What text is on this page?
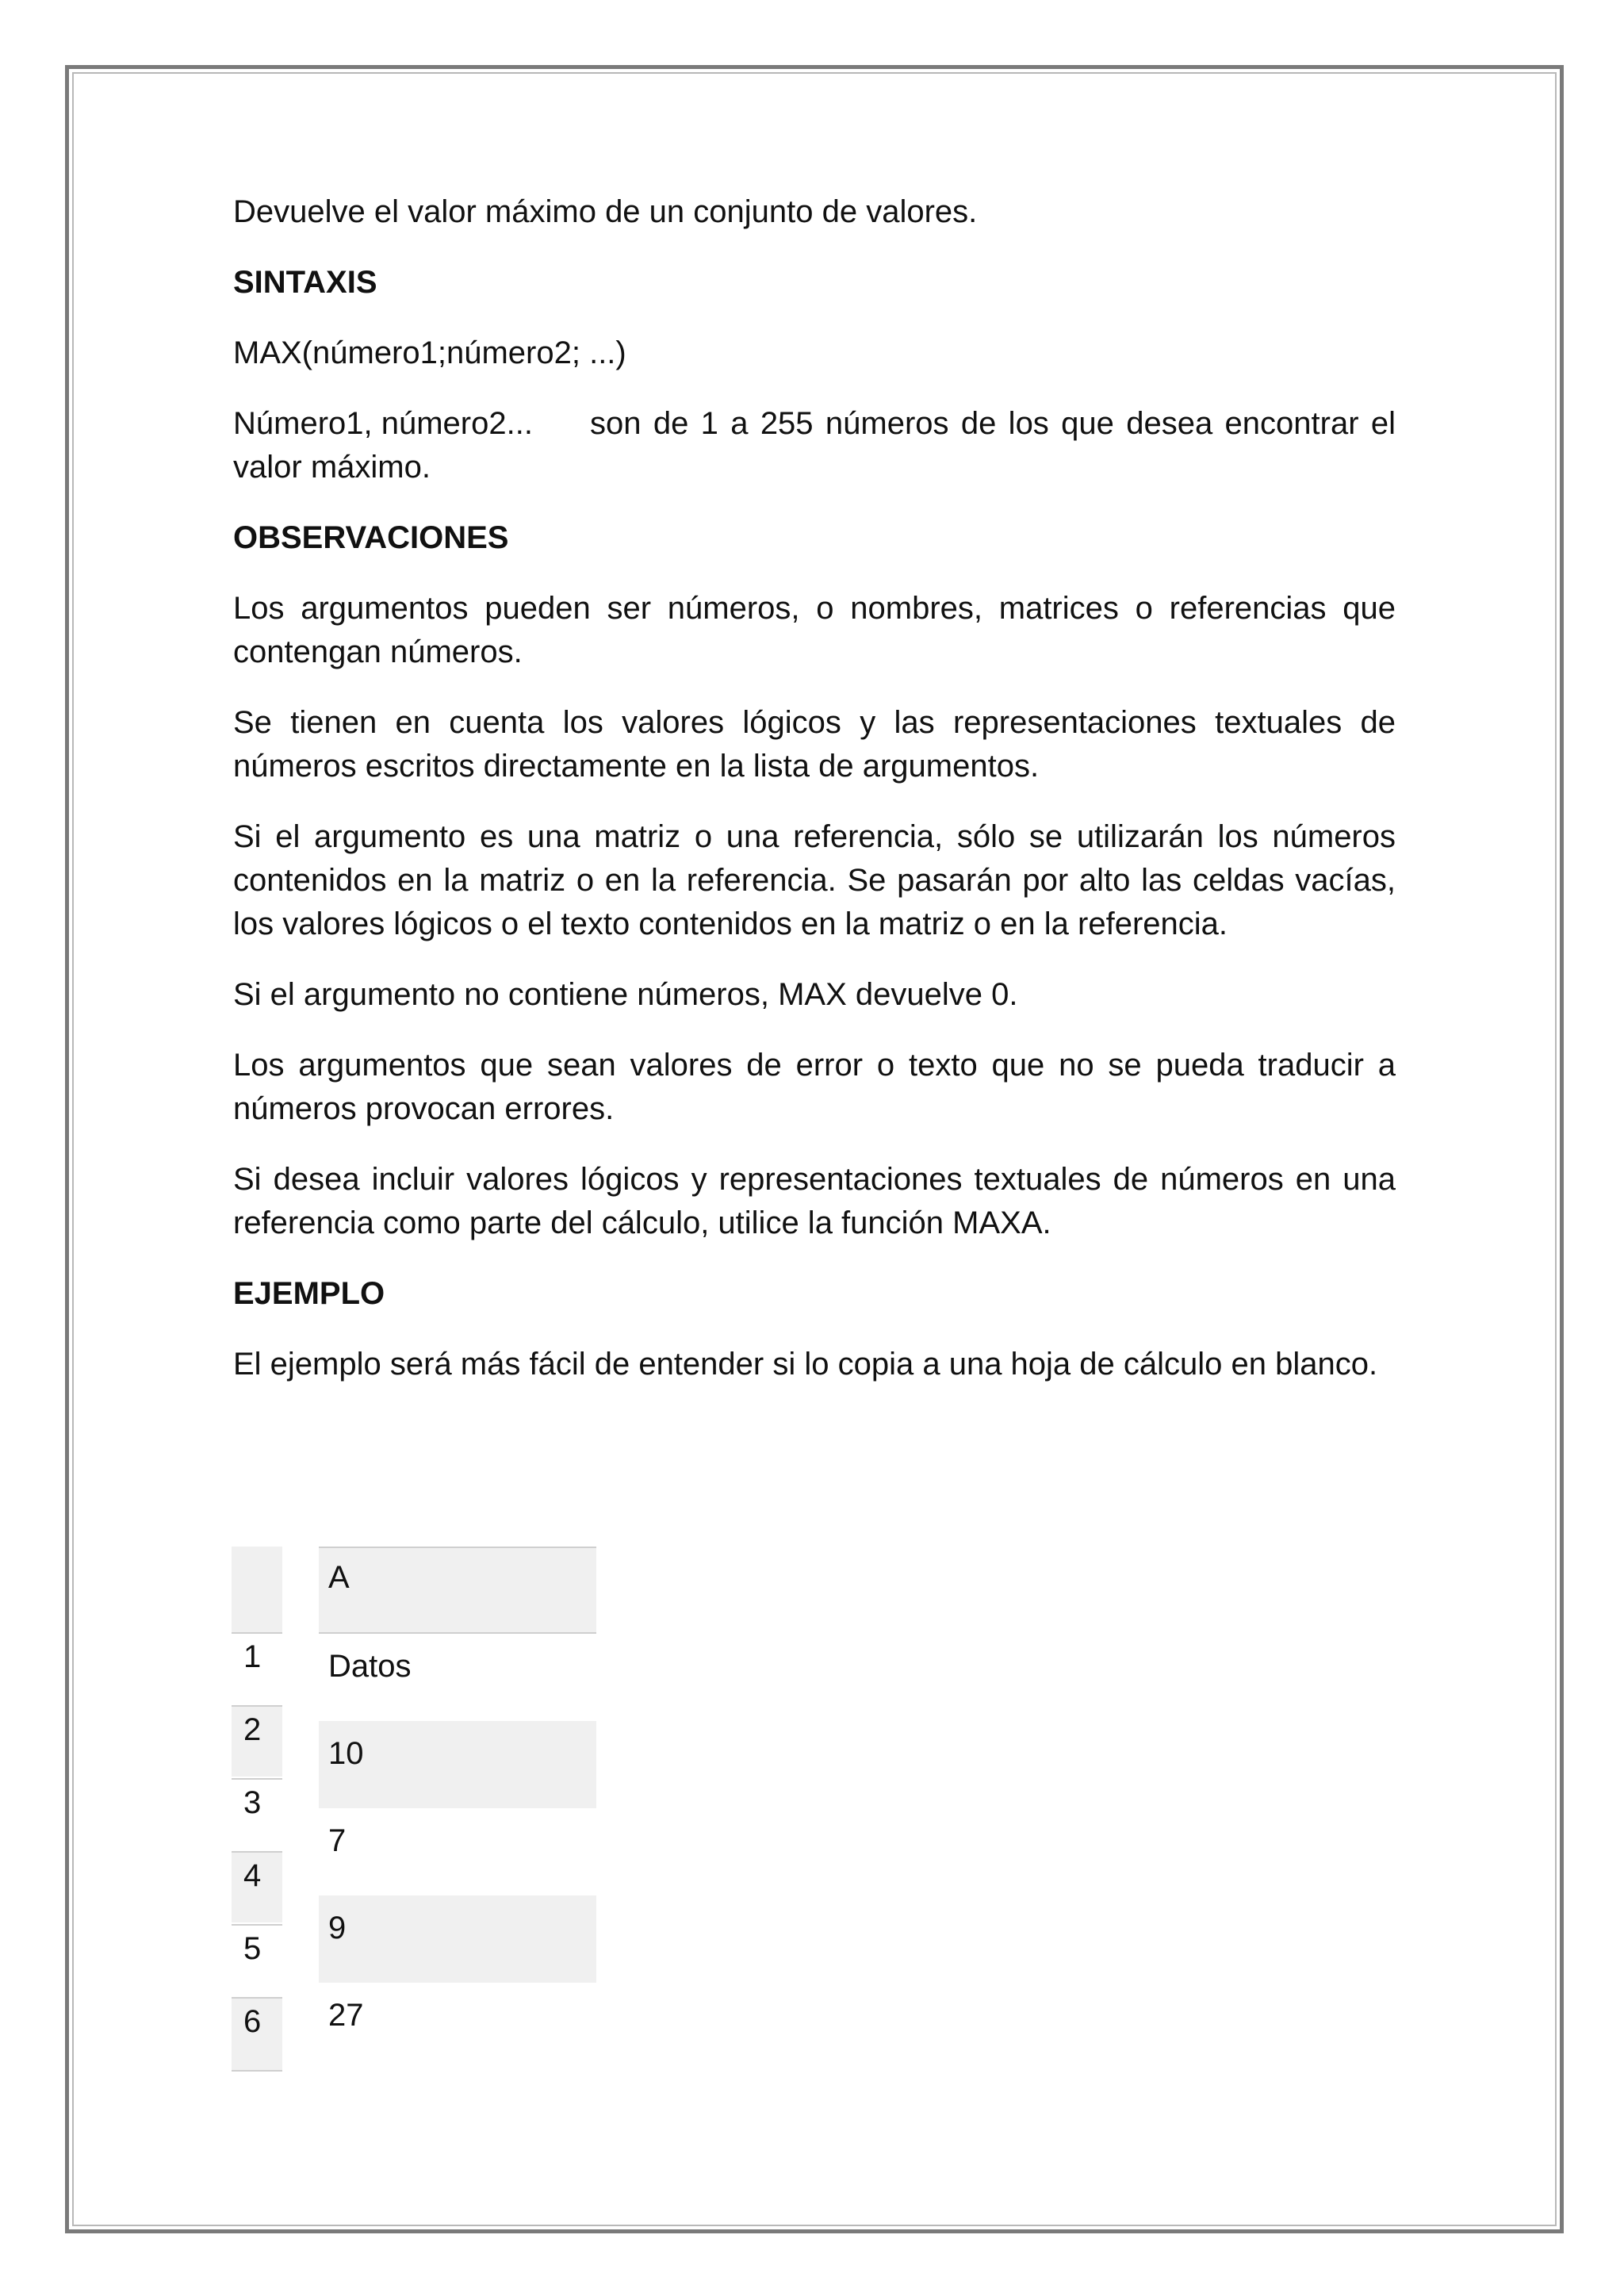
Devuelve el valor máximo de un conjunto de valores.

SINTAXIS

MAX(número1;número2; ...)

Número1, número2... son de 1 a 255 números de los que desea encontrar el valor máximo.

OBSERVACIONES

Los argumentos pueden ser números, o nombres, matrices o referencias que contengan números.

Se tienen en cuenta los valores lógicos y las representaciones textuales de números escritos directamente en la lista de argumentos.

Si el argumento es una matriz o una referencia, sólo se utilizarán los números contenidos en la matriz o en la referencia. Se pasarán por alto las celdas vacías, los valores lógicos o el texto contenidos en la matriz o en la referencia.

Si el argumento no contiene números, MAX devuelve 0.

Los argumentos que sean valores de error o texto que no se pueda traducir a números provocan errores.

Si desea incluir valores lógicos y representaciones textuales de números en una referencia como parte del cálculo, utilice la función MAXA.

EJEMPLO

El ejemplo será más fácil de entender si lo copia a una hoja de cálculo en blanco.

1
2
3
4
5
6
A
Datos
10
7
9
27
